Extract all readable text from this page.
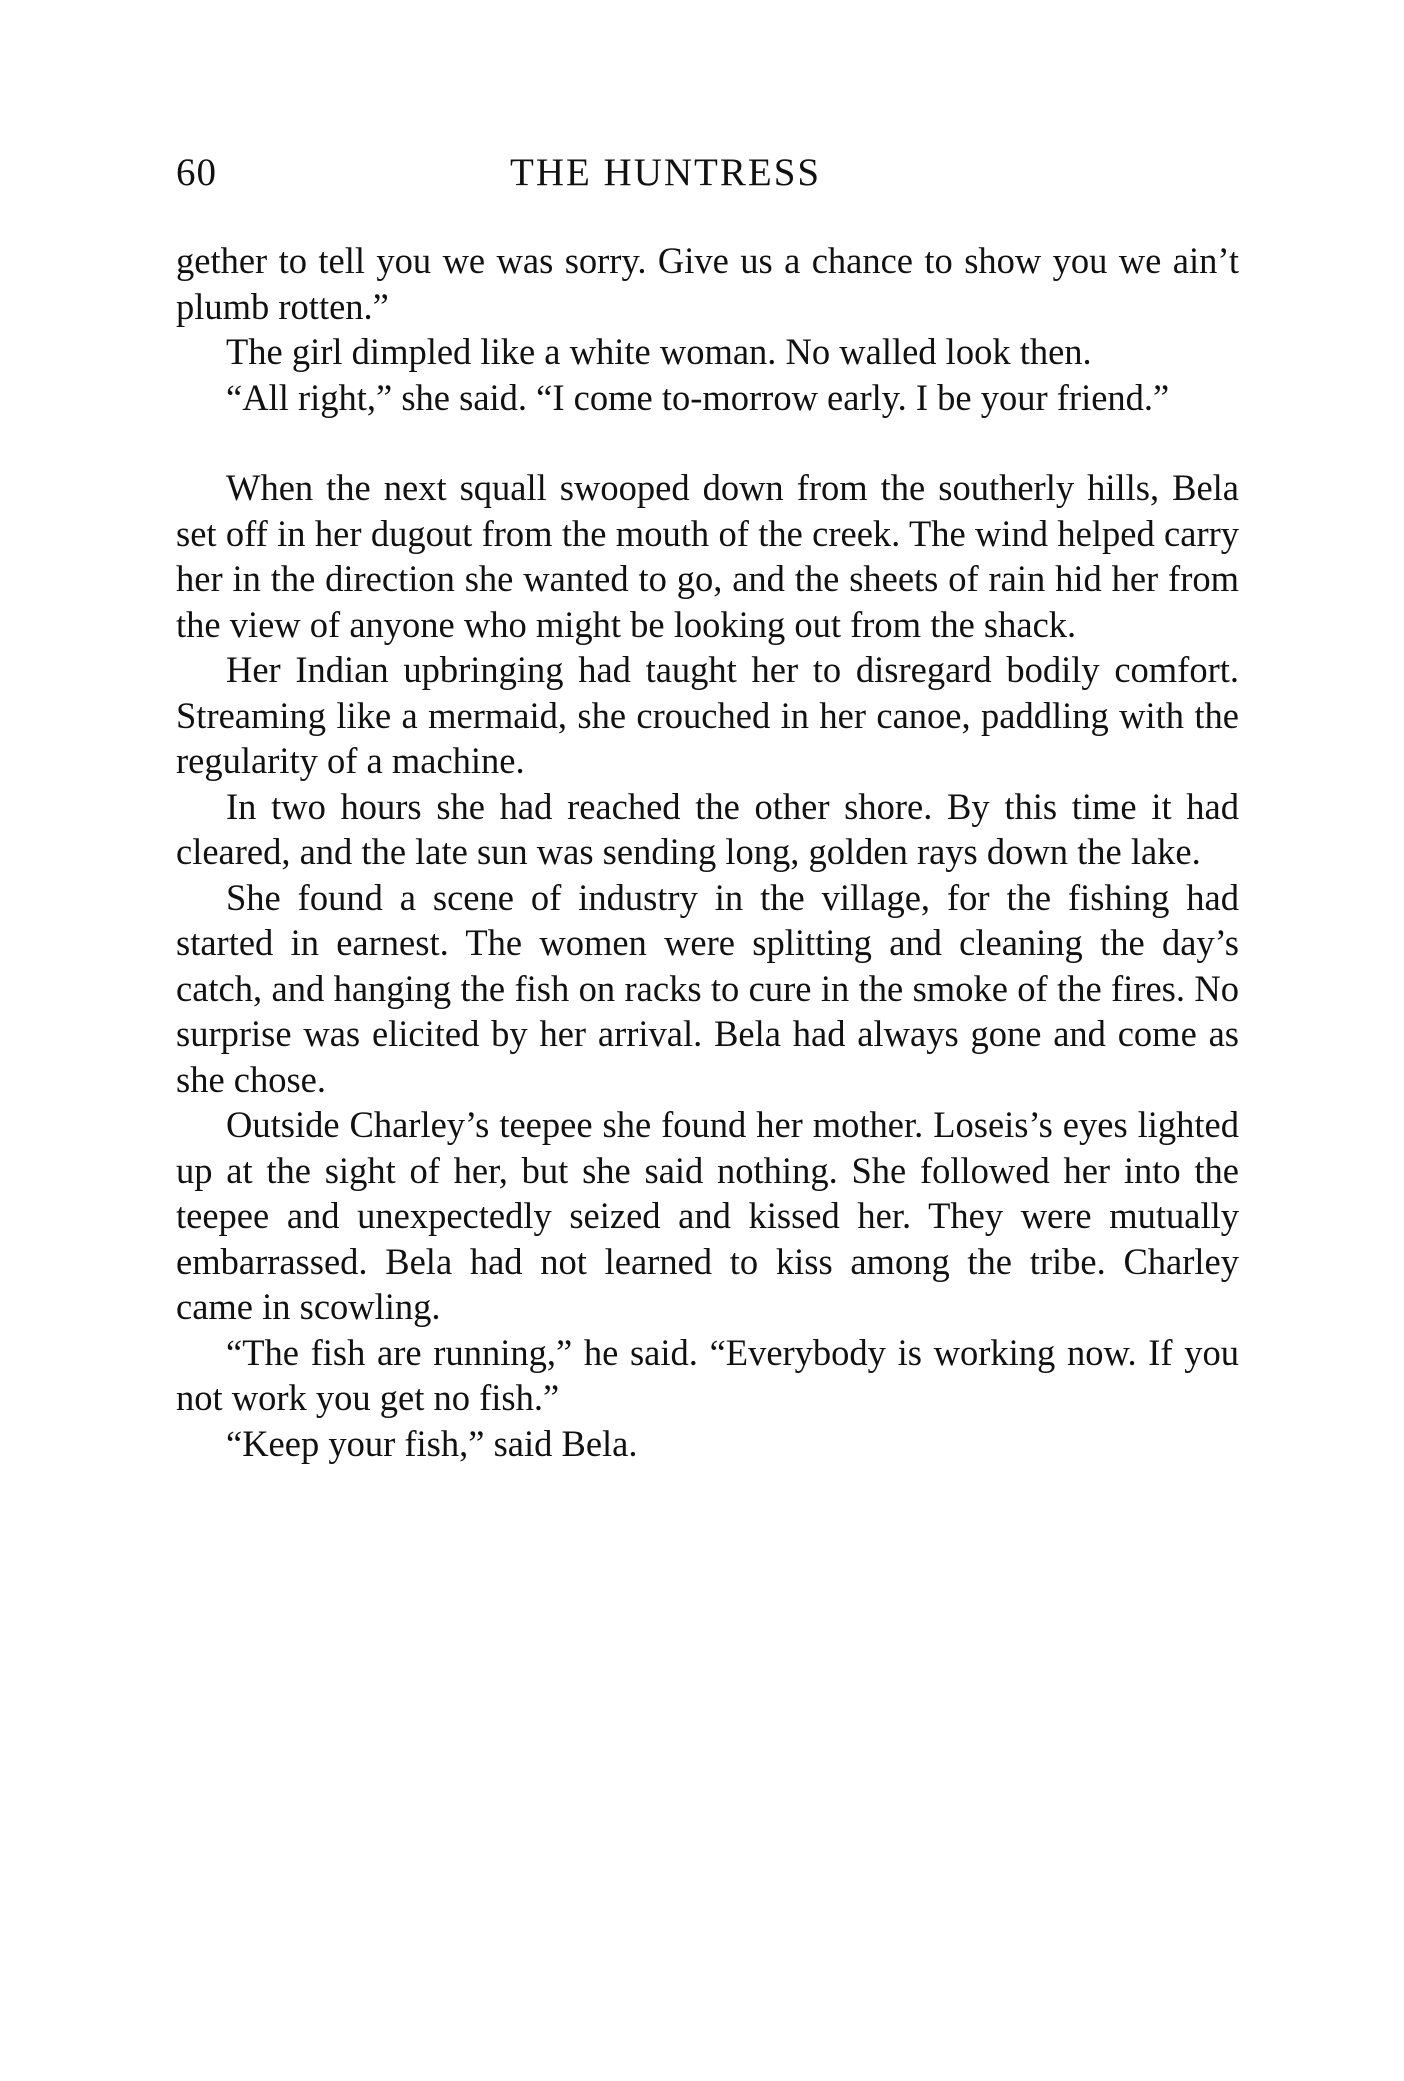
60	THE HUNTRESS

gether to tell you we was sorry. Give us a chance to show you we ain’t plumb rotten.”

The girl dimpled like a white woman. No walled look then.

“All right,” she said. “I come to-morrow early. I be your friend.”

When the next squall swooped down from the southerly hills, Bela set off in her dugout from the mouth of the creek. The wind helped carry her in the direction she wanted to go, and the sheets of rain hid her from the view of anyone who might be looking out from the shack.

Her Indian upbringing had taught her to disregard bodily comfort. Streaming like a mermaid, she crouched in her canoe, paddling with the regularity of a machine.

In two hours she had reached the other shore. By this time it had cleared, and the late sun was sending long, golden rays down the lake.

She found a scene of industry in the village, for the fishing had started in earnest. The women were splitting and cleaning the day’s catch, and hanging the fish on racks to cure in the smoke of the fires. No surprise was elicited by her arrival. Bela had always gone and come as she chose.

Outside Charley’s teepee she found her mother. Loseis’s eyes lighted up at the sight of her, but she said nothing. She followed her into the teepee and unexpectedly seized and kissed her. They were mutually embarrassed. Bela had not learned to kiss among the tribe. Charley came in scowling.

“The fish are running,” he said. “Everybody is working now. If you not work you get no fish.”

“Keep your fish,” said Bela.
